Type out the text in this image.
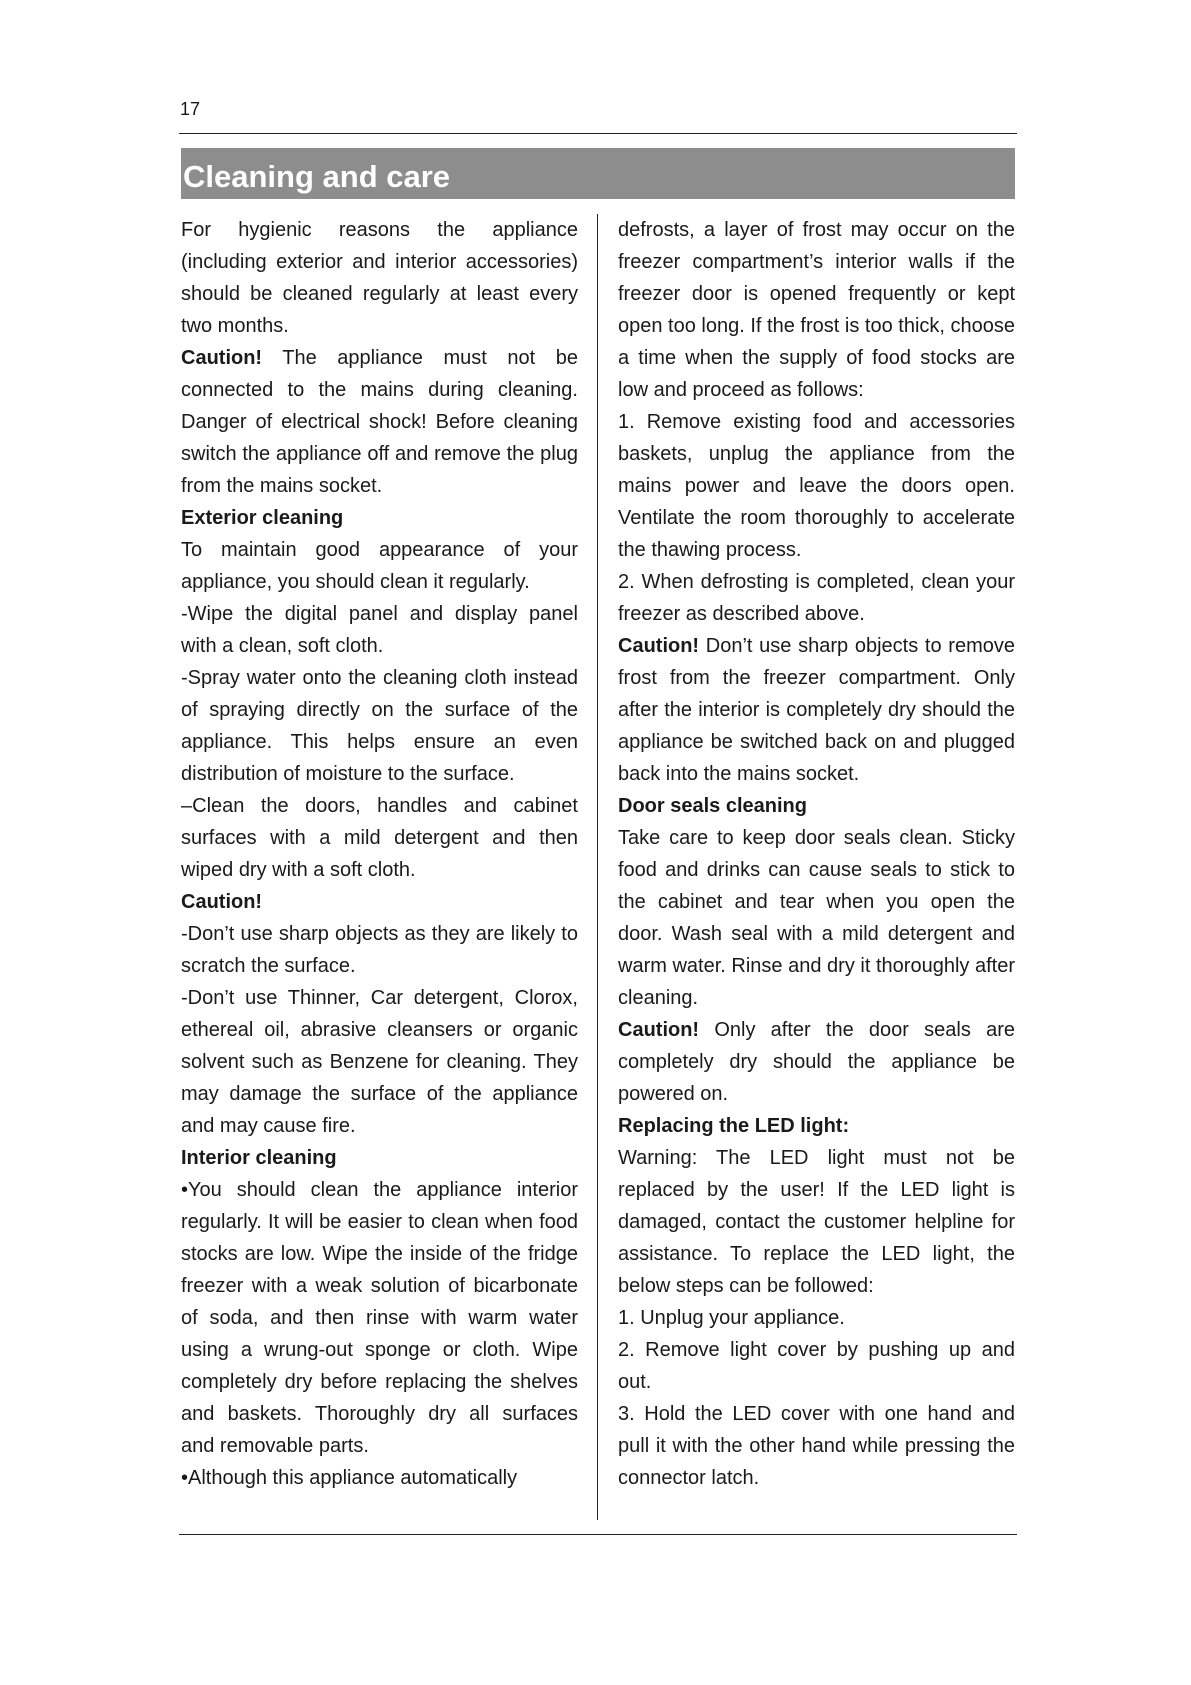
17
Cleaning and care

For hygienic reasons the appliance (including exterior and interior accessories) should be cleaned regularly at least every two months.

Caution! The appliance must not be connected to the mains during cleaning. Danger of electrical shock! Before cleaning switch the appliance off and remove the plug from the mains socket.

Exterior cleaning

To maintain good appearance of your appliance, you should clean it regularly.

-Wipe the digital panel and display panel with a clean, soft cloth.

-Spray water onto the cleaning cloth instead of spraying directly on the surface of the appliance. This helps ensure an even distribution of moisture to the surface.

–Clean the doors, handles and cabinet surfaces with a mild detergent and then wiped dry with a soft cloth.

Caution!

-Don’t use sharp objects as they are likely to scratch the surface.

-Don’t use Thinner, Car detergent, Clorox, ethereal oil, abrasive cleansers or organic solvent such as Benzene for cleaning. They may damage the surface of the appliance and may cause fire.

Interior cleaning

•You should clean the appliance interior regularly. It will be easier to clean when food stocks are low. Wipe the inside of the fridge freezer with a weak solution of bicarbonate of soda, and then rinse with warm water using a wrung-out sponge or cloth. Wipe completely dry before replacing the shelves and baskets. Thoroughly dry all surfaces and removable parts.

•Although this appliance automatically

defrosts, a layer of frost may occur on the freezer compartment’s interior walls if the freezer door is opened frequently or kept open too long. If the frost is too thick, choose a time when the supply of food stocks are low and proceed as follows:

1. Remove existing food and accessories baskets, unplug the appliance from the mains power and leave the doors open. Ventilate the room thoroughly to accelerate the thawing process.

2. When defrosting is completed, clean your freezer as described above.

Caution! Don’t use sharp objects to remove frost from the freezer compartment. Only after the interior is completely dry should the appliance be switched back on and plugged back into the mains socket.

Door seals cleaning

Take care to keep door seals clean. Sticky food and drinks can cause seals to stick to the cabinet and tear when you open the door. Wash seal with a mild detergent and warm water. Rinse and dry it thoroughly after cleaning.

Caution! Only after the door seals are completely dry should the appliance be powered on.

Replacing the LED light:

Warning: The LED light must not be replaced by the user! If the LED light is damaged, contact the customer helpline for assistance. To replace the LED light, the below steps can be followed:

1. Unplug your appliance.

2. Remove light cover by pushing up and out.

3. Hold the LED cover with one hand and pull it with the other hand while pressing the connector latch.
